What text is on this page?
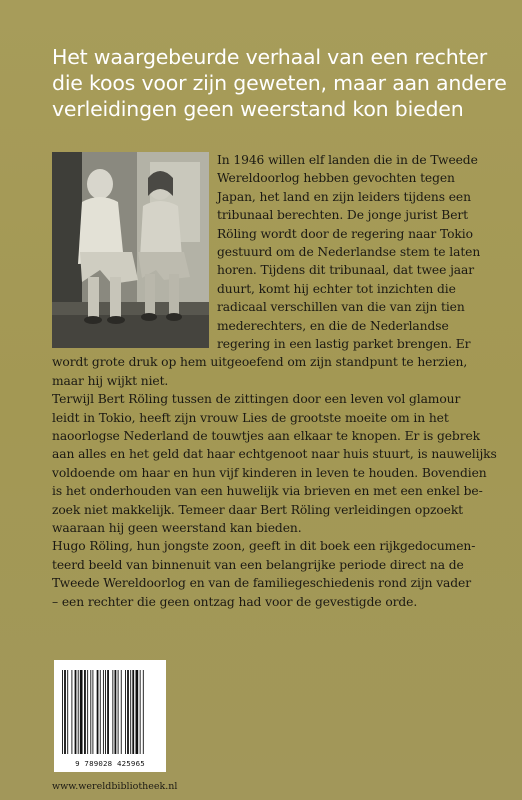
Het waargebeurde verhaal van een rechter
die koos voor zijn geweten, maar aan andere
verleidingen geen weerstand kon bieden
In 1946 willen elf landen die in de Tweede
Wereldoorlog hebben gevochten tegen
Japan, het land en zijn leiders tijdens een
tribunaal berechten. De jonge jurist Bert
Röling wordt door de regering naar Tokio
gestuurd om de Nederlandse stem te laten
horen. Tijdens dit tribunaal, dat twee jaar
duurt, komt hij echter tot inzichten die
radicaal verschillen van die van zijn tien
mederechters, en die de Nederlandse
regering in een lastig parket brengen. Er
wordt grote druk op hem uitgeoefend om zijn standpunt te herzien,
maar hij wijkt niet.
Terwijl Bert Röling tussen de zittingen door een leven vol glamour
leidt in Tokio, heeft zijn vrouw Lies de grootste moeite om in het
naoorlogse Nederland de touwtjes aan elkaar te knopen. Er is gebrek
aan alles en het geld dat haar echtgenoot naar huis stuurt, is nauwelijks
voldoende om haar en hun vijf kinderen in leven te houden. Bovendien
is het onderhouden van een huwelijk via brieven en met een enkel be-
zoek niet makkelijk. Temeer daar Bert Röling verleidingen opzoekt
waaraan hij geen weerstand kan bieden.
Hugo Röling, hun jongste zoon, geeft in dit boek een rijkgedocumen-
teerd beeld van binnenuit van een belangrijke periode direct na de
Tweede Wereldoorlog en van de familiegeschiedenis rond zijn vader
– een rechter die geen ontzag had voor de gevestigde orde.
9 789028 425965
www.wereldbibliotheek.nl
